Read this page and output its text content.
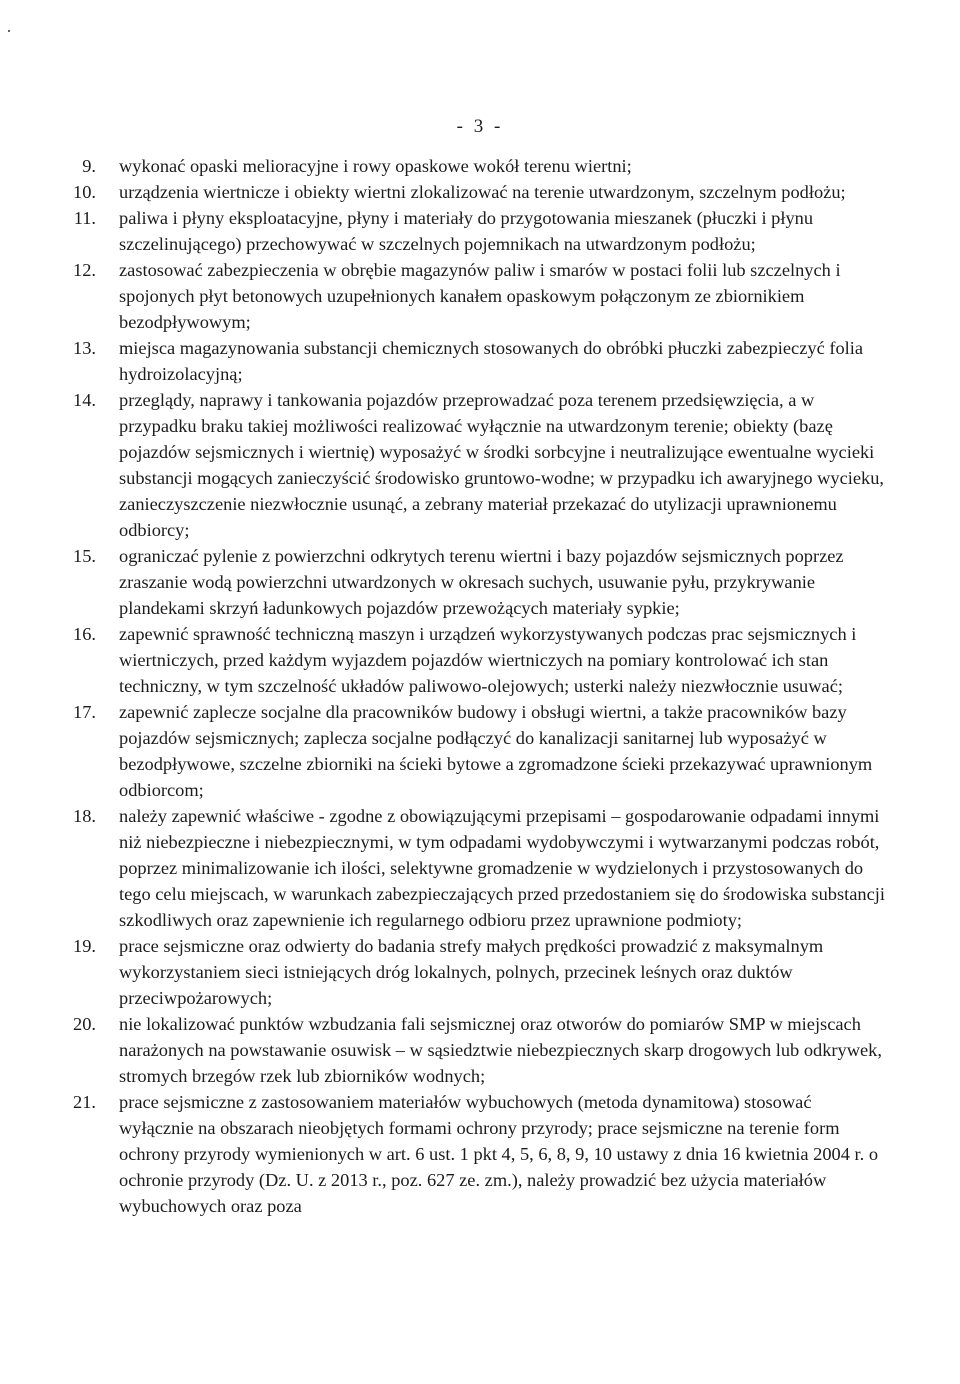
- 3 -
9. wykonać opaski melioracyjne i rowy opaskowe wokół terenu wiertni;
10. urządzenia wiertnicze i obiekty wiertni zlokalizować na terenie utwardzonym, szczelnym podłożu;
11. paliwa i płyny eksploatacyjne, płyny i materiały do przygotowania mieszanek (płuczki i płynu szczelinującego) przechowywać w szczelnych pojemnikach na utwardzonym podłożu;
12. zastosować zabezpieczenia w obrębie magazynów paliw i smarów w postaci folii lub szczelnych i spojonych płyt betonowych uzupełnionych kanałem opaskowym połączonym ze zbiornikiem bezodpływowym;
13. miejsca magazynowania substancji chemicznych stosowanych do obróbki płuczki zabezpieczyć folia hydroizolacyjną;
14. przeglądy, naprawy i tankowania pojazdów przeprowadzać poza terenem przedsięwzięcia, a w przypadku braku takiej możliwości realizować wyłącznie na utwardzonym terenie; obiekty (bazę pojazdów sejsmicznych i wiertnię) wyposażyć w środki sorbcyjne i neutralizujące ewentualne wycieki substancji mogących zanieczyścić środowisko gruntowo-wodne; w przypadku ich awaryjnego wycieku, zanieczyszczenie niezwłocznie usunąć, a zebrany materiał przekazać do utylizacji uprawnionemu odbiorcy;
15. ograniczać pylenie z powierzchni odkrytych terenu wiertni i bazy pojazdów sejsmicznych poprzez zraszanie wodą powierzchni utwardzonych w okresach suchych, usuwanie pyłu, przykrywanie plandekami skrzyń ładunkowych pojazdów przewożących materiały sypkie;
16. zapewnić sprawność techniczną maszyn i urządzeń wykorzystywanych podczas prac sejsmicznych i wiertniczych, przed każdym wyjazdem pojazdów wiertniczych na pomiary kontrolować ich stan techniczny, w tym szczelność układów paliwowo-olejowych; usterki należy niezwłocznie usuwać;
17. zapewnić zaplecze socjalne dla pracowników budowy i obsługi wiertni, a także pracowników bazy pojazdów sejsmicznych; zaplecza socjalne podłączyć do kanalizacji sanitarnej lub wyposażyć w bezodpływowe, szczelne zbiorniki na ścieki bytowe a zgromadzone ścieki przekazywać uprawnionym odbiorcom;
18. należy zapewnić właściwe - zgodne z obowiązującymi przepisami – gospodarowanie odpadami innymi niż niebezpieczne i niebezpiecznymi, w tym odpadami wydobywczymi i wytwarzanymi podczas robót, poprzez minimalizowanie ich ilości, selektywne gromadzenie w wydzielonych i przystosowanych do tego celu miejscach, w warunkach zabezpieczających przed przedostaniem się do środowiska substancji szkodliwych oraz zapewnienie ich regularnego odbioru przez uprawnione podmioty;
19. prace sejsmiczne oraz odwierty do badania strefy małych prędkości prowadzić z maksymalnym wykorzystaniem sieci istniejących dróg lokalnych, polnych, przecinek leśnych oraz duktów przeciwpożarowych;
20. nie lokalizować punktów wzbudzania fali sejsmicznej oraz otworów do pomiarów SMP w miejscach narażonych na powstawanie osuwisk – w sąsiedztwie niebezpiecznych skarp drogowych lub odkrywek, stromych brzegów rzek lub zbiorników wodnych;
21. prace sejsmiczne z zastosowaniem materiałów wybuchowych (metoda dynamitowa) stosować wyłącznie na obszarach nieobjętych formami ochrony przyrody; prace sejsmiczne na terenie form ochrony przyrody wymienionych w art. 6 ust. 1 pkt 4, 5, 6, 8, 9, 10 ustawy z dnia 16 kwietnia 2004 r. o ochronie przyrody (Dz. U. z 2013 r., poz. 627 ze. zm.), należy prowadzić bez użycia materiałów wybuchowych oraz poza
